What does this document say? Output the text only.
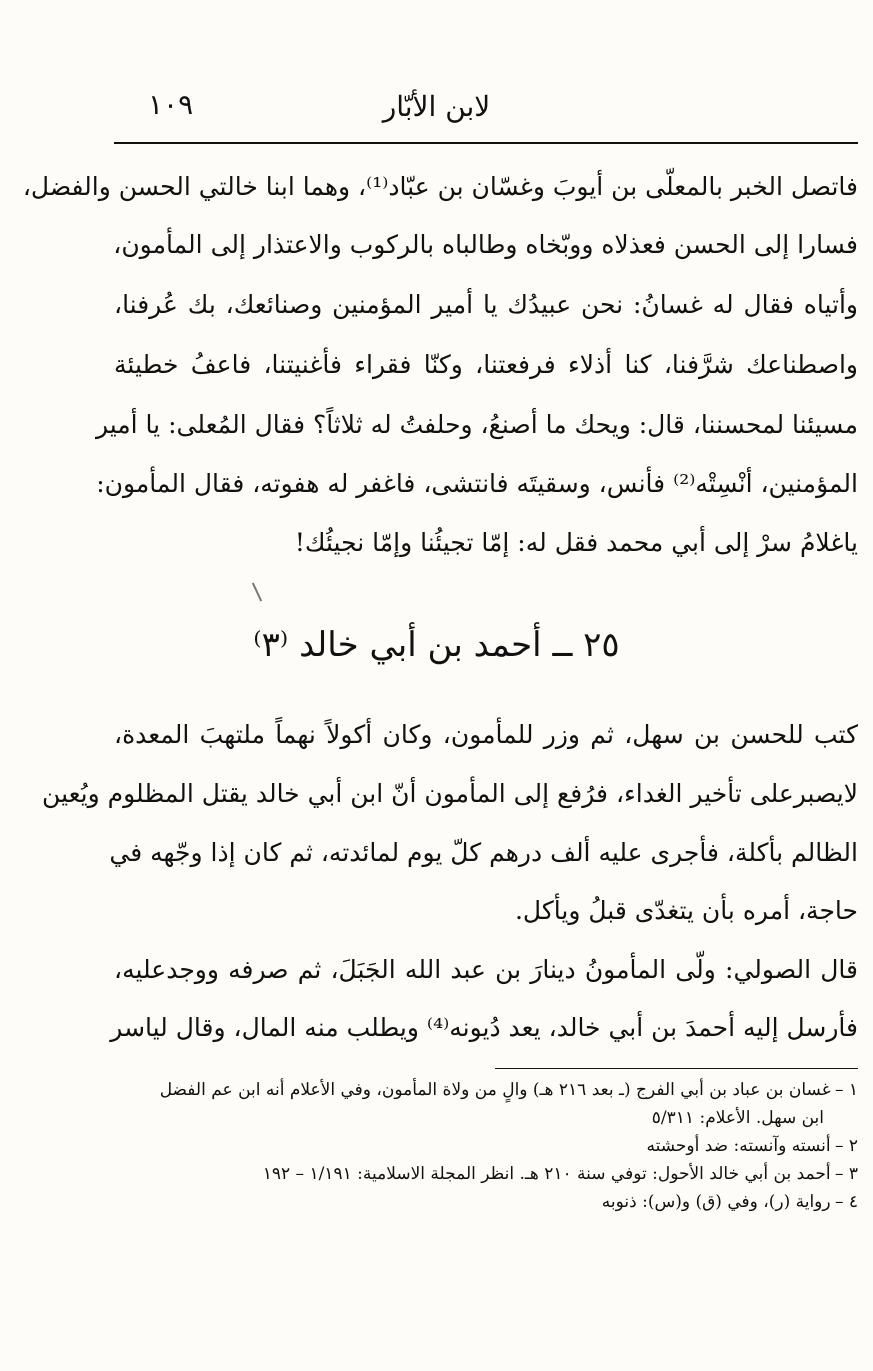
١٠٩	لابن الأبّار
فاتصل الخبر بالمعلّى بن أيوبَ وغسّان بن عبّاد⁽¹⁾، وهما ابنا خالتي الحسن والفضل،
فسارا إلى الحسن فعذلاه ووبّخاه وطالباه بالركوب والاعتذار إلى المأمون،
وأتياه فقال له غسانُ: نحن عبيدُك يا أمير المؤمنين وصنائعك، بك عُرفنا،
واصطناعك شرَّفنا، كنا أذلاء فرفعتنا، وكنّا فقراء فأغنيتنا، فاعفُ خطيئة
مسيئنا لمحسننا، قال: ويحك ما أصنعُ، وحلفتُ له ثلاثاً؟ فقال المُعلى: يا أمير
المؤمنين، أنْسِتْه⁽²⁾ فأنس، وسقيتَه فانتشى، فاغفر له هفوته، فقال المأمون:
ياغلامُ سرْ إلى أبي محمد فقل له: إمّا تجيئُنا وإمّا نجيئُك!
٢٥ ــ أحمد بن أبي خالد ⁽٣⁾
كتب للحسن بن سهل، ثم وزر للمأمون، وكان أكولاً نهماً ملتهبَ المعدة،
لايصبرعلى تأخير الغداء، فرُفع إلى المأمون أنّ ابن أبي خالد يقتل المظلوم ويُعين
الظالم بأكلة، فأجرى عليه ألف درهم كلّ يوم لمائدته، ثم كان إذا وجّهه في
حاجة، أمره بأن يتغدّى قبلُ ويأكل.
قال الصولي: ولّى المأمونُ دينارَ بن عبد الله الجَبَلَ، ثم صرفه ووجدعليه،
فأرسل إليه أحمدَ بن أبي خالد، يعد دُيونه⁽⁴⁾ ويطلب منه المال، وقال لياسر
١ – غسان بن عباد بن أبي الفرج (ـ بعد ٢١٦ هـ) والٍ من ولاة المأمون، وفي الأعلام أنه ابن عم الفضل
ابن سهل. الأعلام: ٥/٣١١
٢ – أنسته وآنسته: ضد أوحشته
٣ – أحمد بن أبي خالد الأحول: توفي سنة ٢١٠ هـ. انظر المجلة الاسلامية: ١/١٩١ – ١٩٢
٤ – رواية (ر)، وفي (ق) و(س): ذنوبه
